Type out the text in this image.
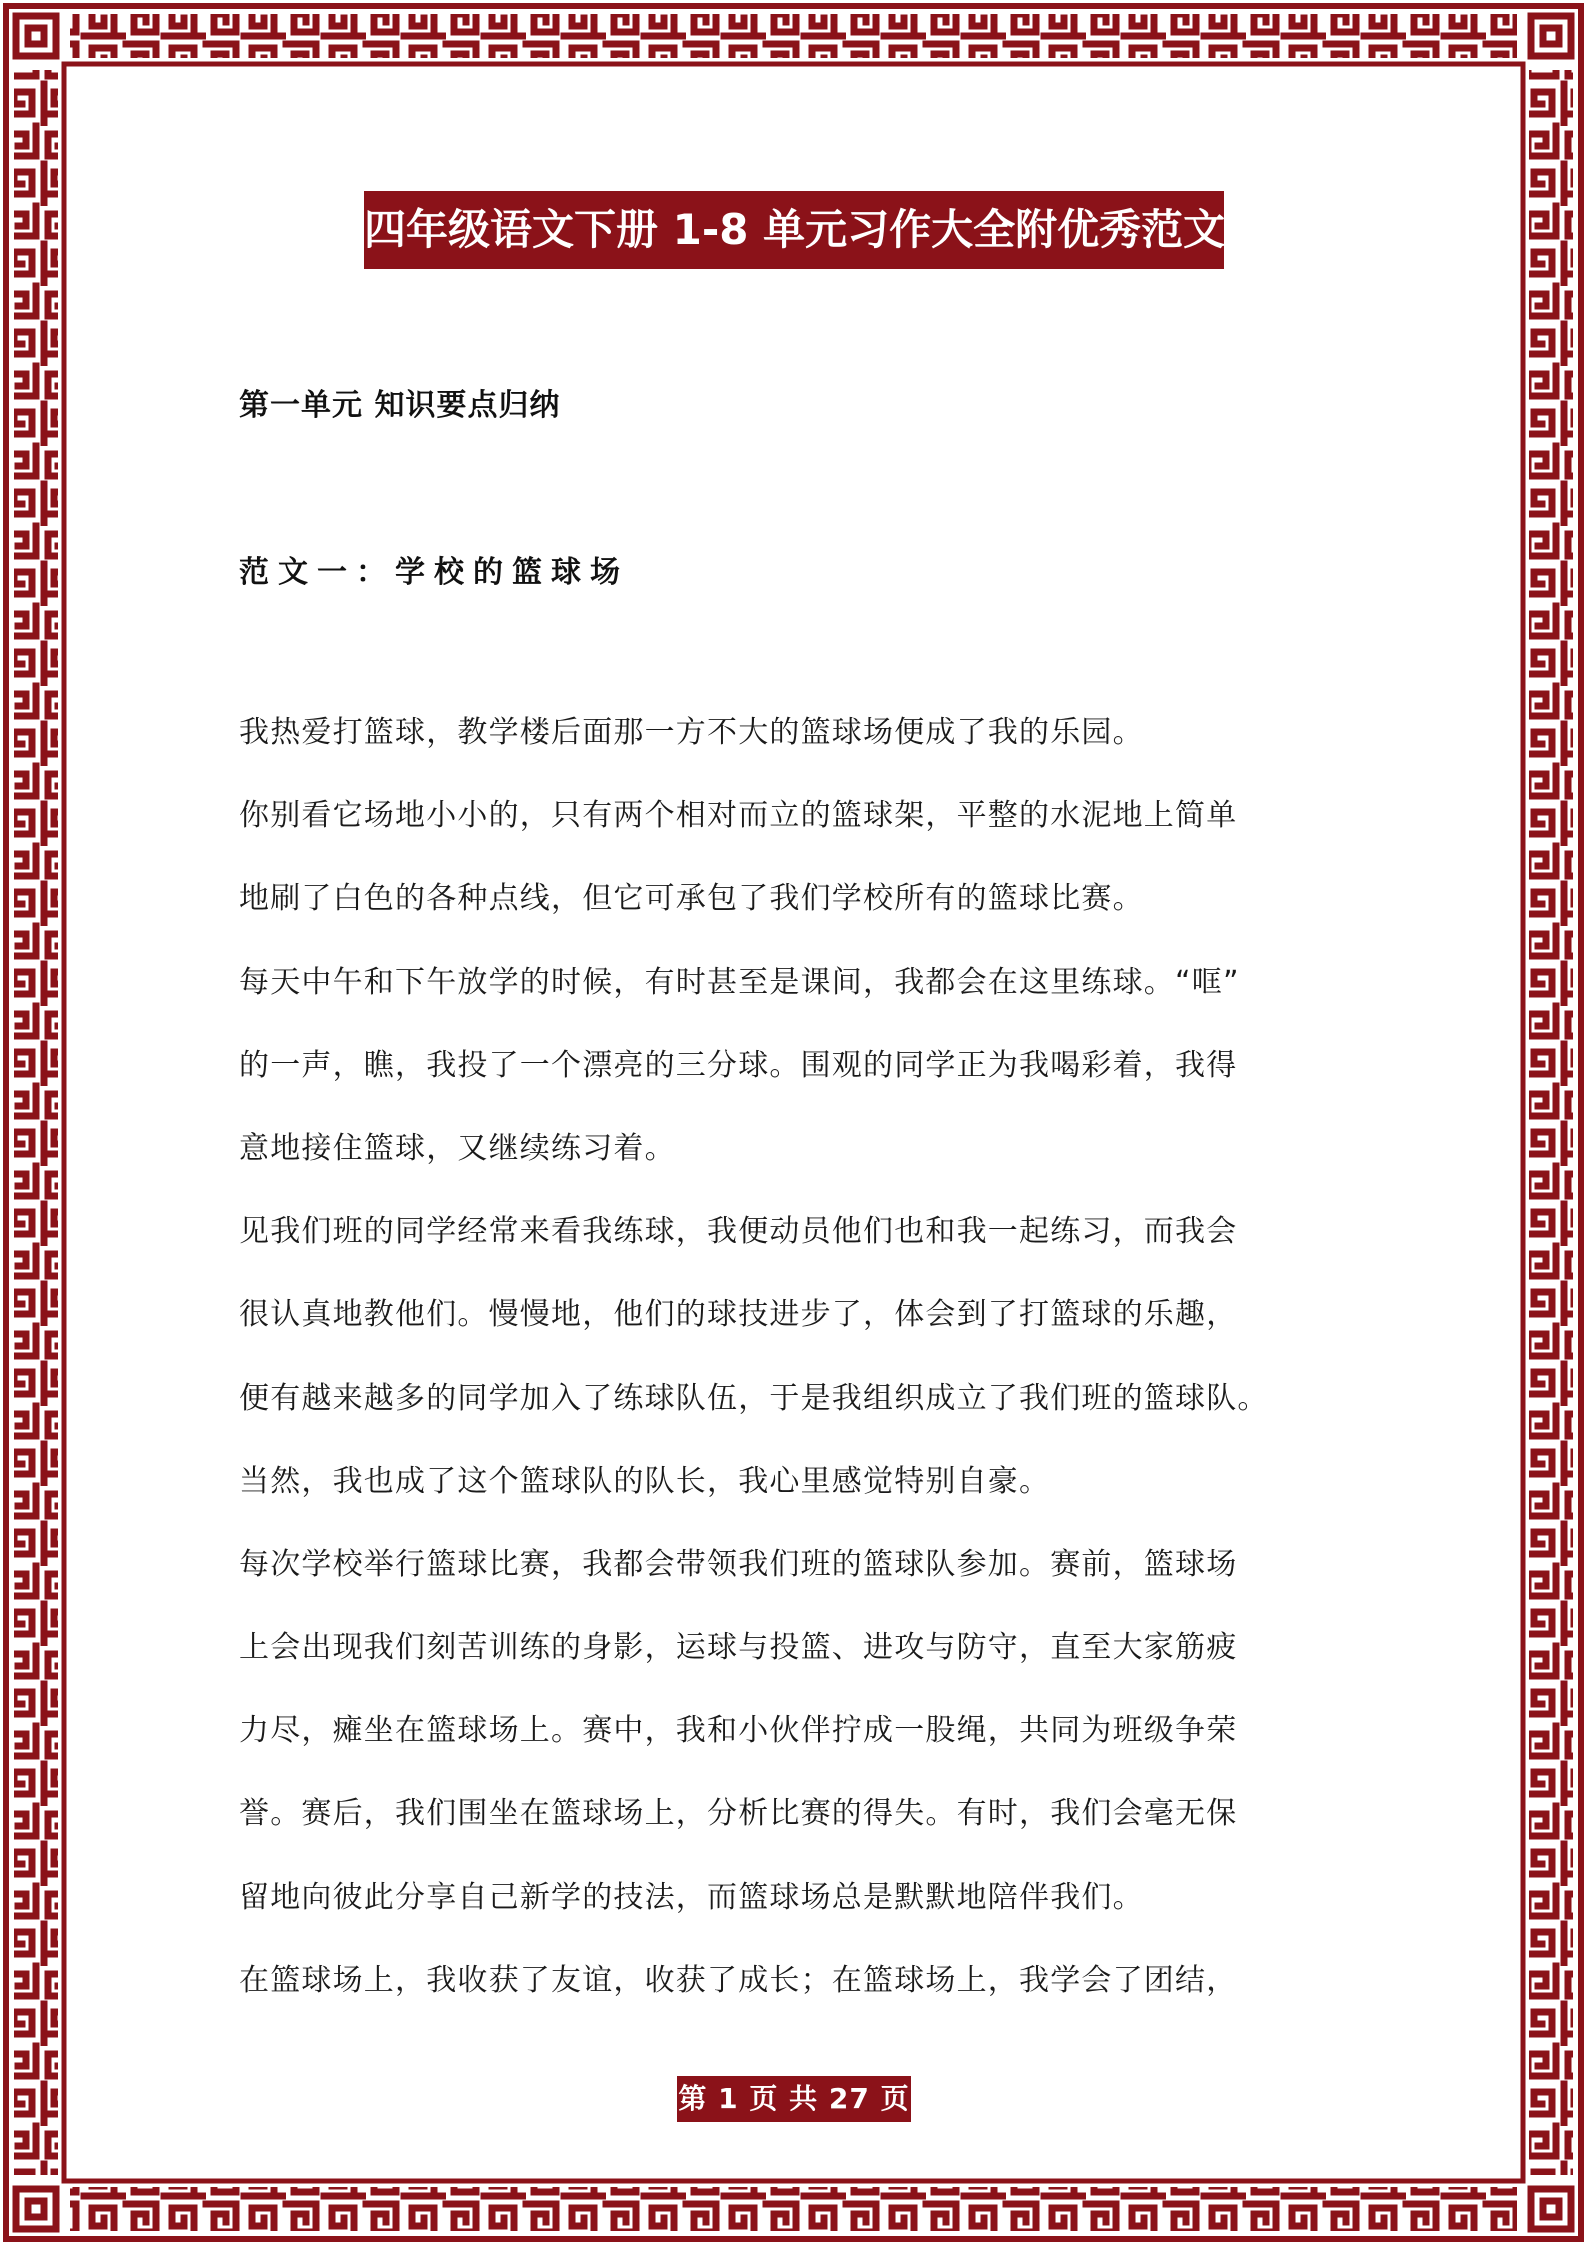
四年级语文下册 1-8 单元习作大全附优秀范文
第一单元 知识要点归纳
范文一：学校的篮球场
我热爱打篮球，教学楼后面那一方不大的篮球场便成了我的乐园。
你别看它场地小小的，只有两个相对而立的篮球架，平整的水泥地上简单
地刷了白色的各种点线，但它可承包了我们学校所有的篮球比赛。
每天中午和下午放学的时候，有时甚至是课间，我都会在这里练球。“哐”
的一声，瞧，我投了一个漂亮的三分球。围观的同学正为我喝彩着，我得
意地接住篮球，又继续练习着。
见我们班的同学经常来看我练球，我便动员他们也和我一起练习，而我会
很认真地教他们。慢慢地，他们的球技进步了，体会到了打篮球的乐趣，
便有越来越多的同学加入了练球队伍，于是我组织成立了我们班的篮球队。
当然，我也成了这个篮球队的队长，我心里感觉特别自豪。
每次学校举行篮球比赛，我都会带领我们班的篮球队参加。赛前，篮球场
上会出现我们刻苦训练的身影，运球与投篮、进攻与防守，直至大家筋疲
力尽，瘫坐在篮球场上。赛中，我和小伙伴拧成一股绳，共同为班级争荣
誉。赛后，我们围坐在篮球场上，分析比赛的得失。有时，我们会毫无保
留地向彼此分享自己新学的技法，而篮球场总是默默地陪伴我们。
在篮球场上，我收获了友谊，收获了成长；在篮球场上，我学会了团结，
第 1 页 共 27 页
